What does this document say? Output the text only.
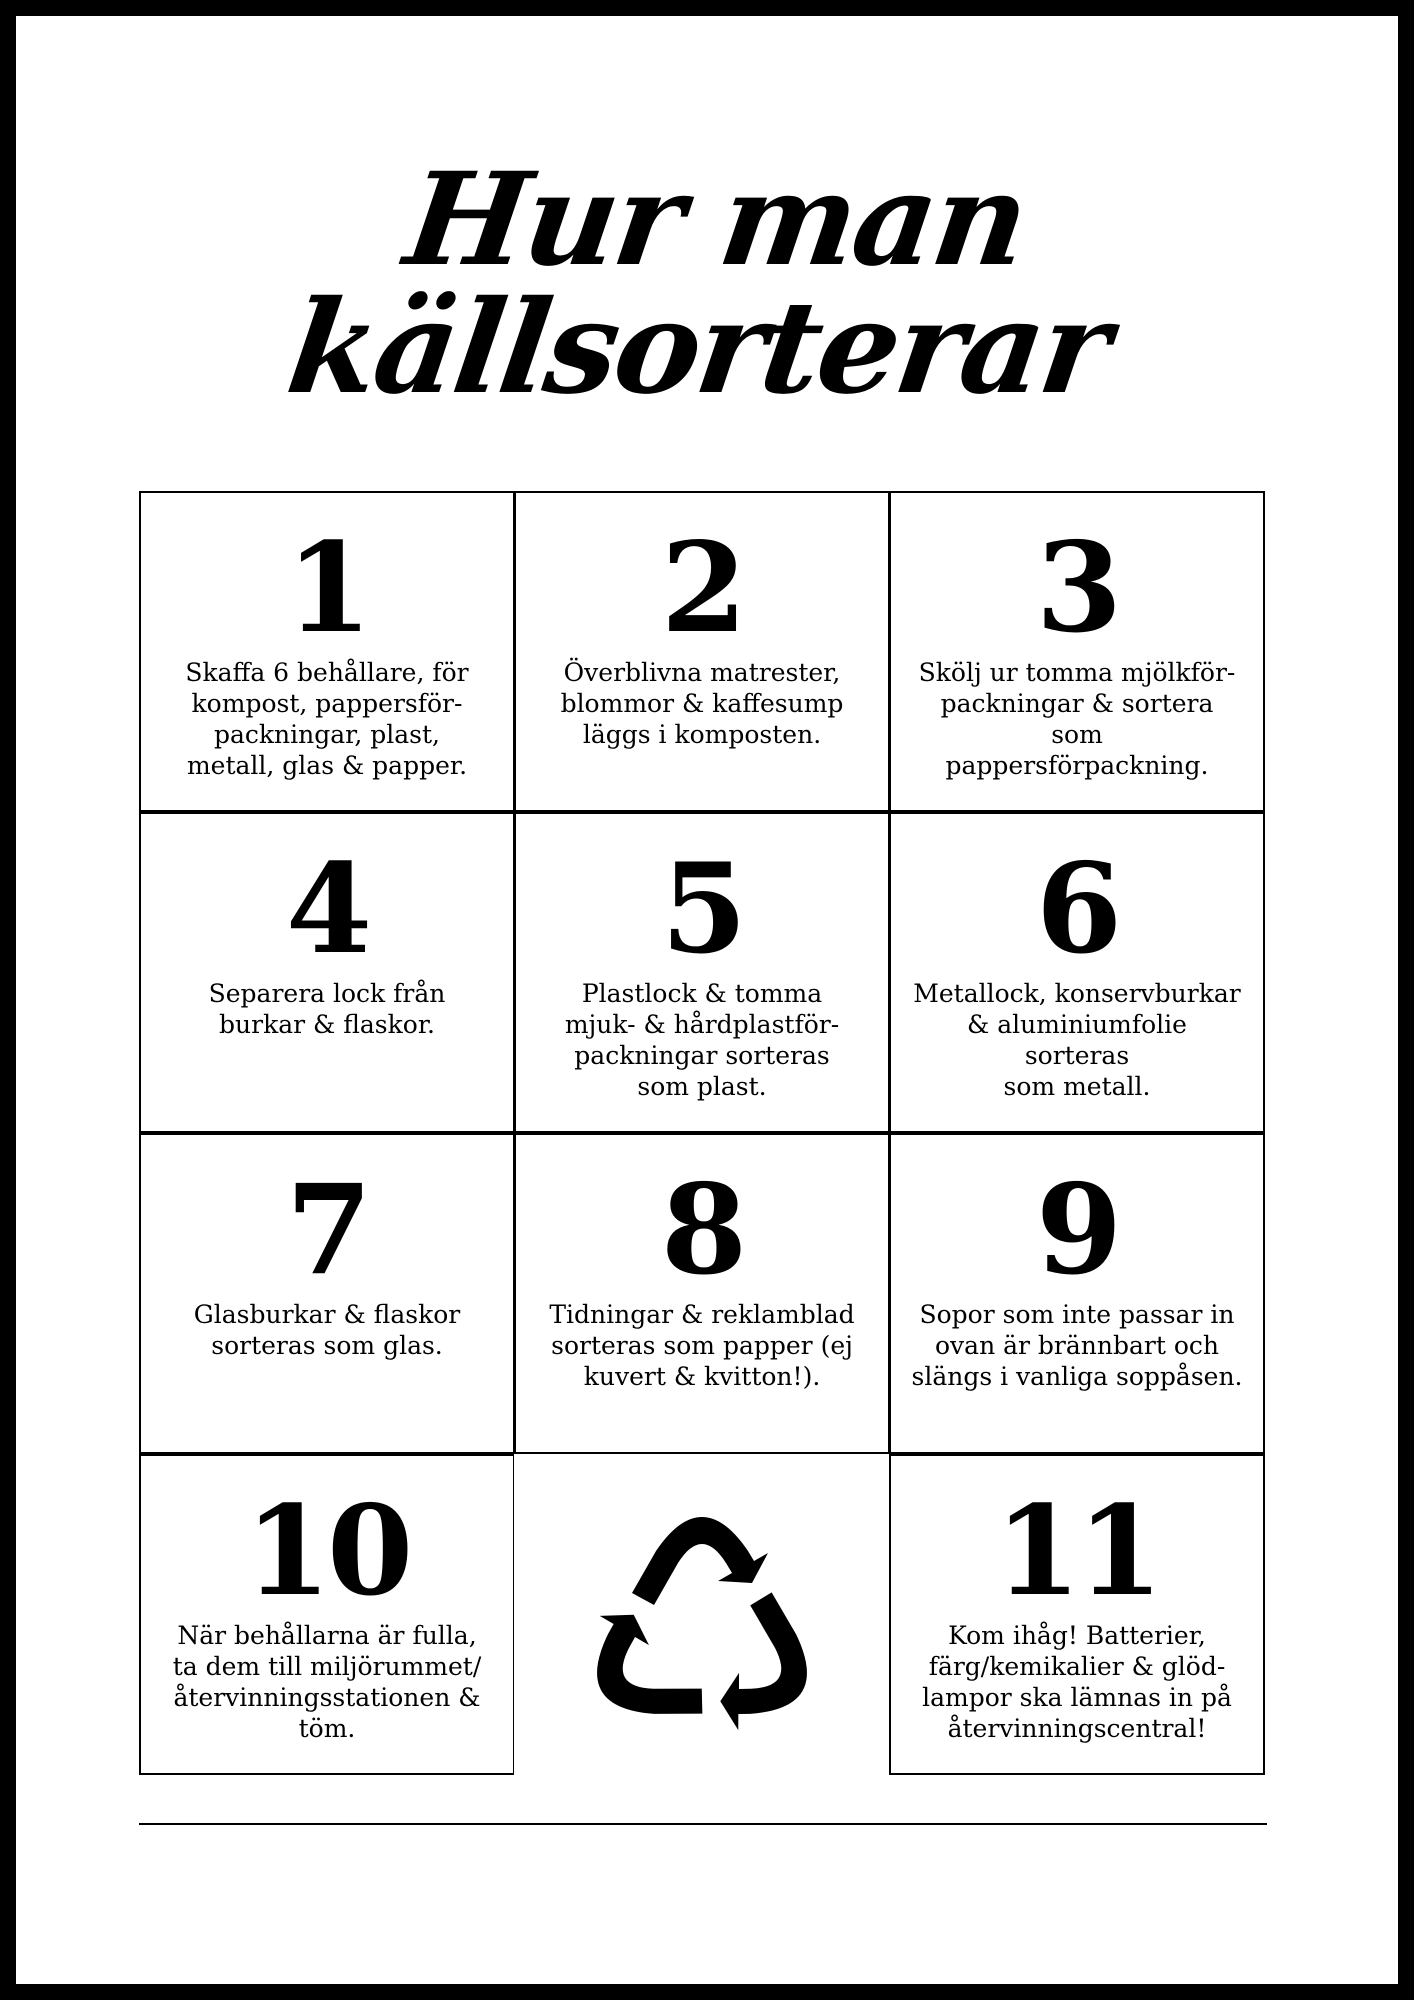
Hur man källsorterar
1
Skaffa 6 behållare, för
kompost, pappersför-
packningar, plast,
metall, glas & papper.
2
Överblivna matrester,
blommor & kaffesump
läggs i komposten.
3
Skölj ur tomma mjölkför-
packningar & sortera som
pappersförpackning.
4
Separera lock från
burkar & flaskor.
5
Plastlock & tomma
mjuk- & hårdplastför-
packningar sorteras
som plast.
6
Metallock, konservburkar
& aluminiumfolie sorteras
som metall.
7
Glasburkar & flaskor
sorteras som glas.
8
Tidningar & reklamblad
sorteras som papper (ej
kuvert & kvitton!).
9
Sopor som inte passar in
ovan är brännbart och
slängs i vanliga soppåsen.
10
När behållarna är fulla,
ta dem till miljörummet/
återvinningsstationen &
töm.
11
Kom ihåg! Batterier,
färg/kemikalier & glöd-
lampor ska lämnas in på
återvinningscentral!
